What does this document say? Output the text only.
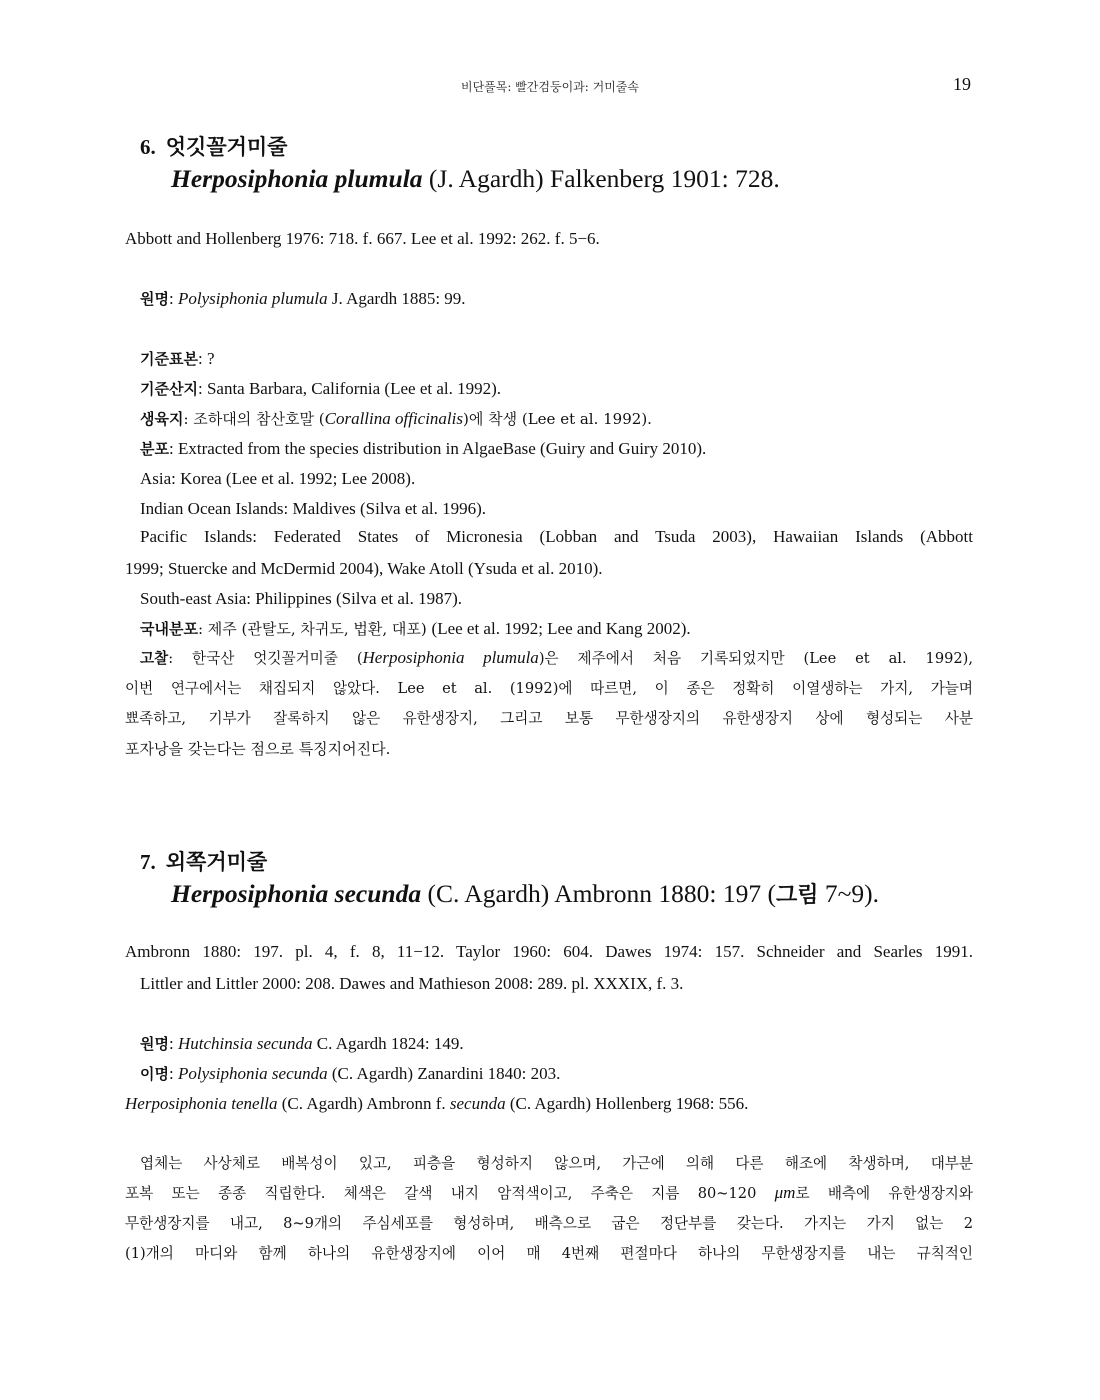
비단풀목: 빨간검둥이과: 거미줄속	19
6. 엇깃꼴거미줄
Herposiphonia plumula (J. Agardh) Falkenberg 1901: 728.
Abbott and Hollenberg 1976: 718. f. 667. Lee et al. 1992: 262. f. 5−6.
원명: Polysiphonia plumula J. Agardh 1885: 99.
기준표본: ?
기준산지: Santa Barbara, California (Lee et al. 1992).
생육지: 조하대의 참산호말 (Corallina officinalis)에 착생 (Lee et al. 1992).
분포: Extracted from the species distribution in AlgaeBase (Guiry and Guiry 2010).
Asia: Korea (Lee et al. 1992; Lee 2008).
Indian Ocean Islands: Maldives (Silva et al. 1996).
Pacific Islands: Federated States of Micronesia (Lobban and Tsuda 2003), Hawaiian Islands (Abbott
1999; Stuercke and McDermid 2004), Wake Atoll (Ysuda et al. 2010).
South-east Asia: Philippines (Silva et al. 1987).
국내분포: 제주 (관탈도, 차귀도, 법환, 대포) (Lee et al. 1992; Lee and Kang 2002).
고찰: 한국산 엇깃꼴거미줄 (Herposiphonia plumula)은 제주에서 처음 기록되었지만 (Lee et al. 1992),
이번 연구에서는 채집되지 않았다. Lee et al. (1992)에 따르면, 이 종은 정확히 이열생하는 가지, 가늘며
뾰족하고, 기부가 잘록하지 않은 유한생장지, 그리고 보통 무한생장지의 유한생장지 상에 형성되는 사분
포자낭을 갖는다는 점으로 특징지어진다.
7. 외쪽거미줄
Herposiphonia secunda (C. Agardh) Ambronn 1880: 197 (그림 7~9).
Ambronn 1880: 197. pl. 4, f. 8, 11−12. Taylor 1960: 604. Dawes 1974: 157. Schneider and Searles 1991.
Littler and Littler 2000: 208. Dawes and Mathieson 2008: 289. pl. XXXIX, f. 3.
원명: Hutchinsia secunda C. Agardh 1824: 149.
이명: Polysiphonia secunda (C. Agardh) Zanardini 1840: 203.
Herposiphonia tenella (C. Agardh) Ambronn f. secunda (C. Agardh) Hollenberg 1968: 556.
엽체는 사상체로 배복성이 있고, 피층을 형성하지 않으며, 가근에 의해 다른 해조에 착생하며, 대부분
포복 또는 종종 직립한다. 체색은 갈색 내지 암적색이고, 주축은 지름 80~120 μm로 배측에 유한생장지와
무한생장지를 내고, 8~9개의 주심세포를 형성하며, 배측으로 굽은 정단부를 갖는다. 가지는 가지 없는 2
(1)개의 마디와 함께 하나의 유한생장지에 이어 매 4번째 편절마다 하나의 무한생장지를 내는 규칙적인
